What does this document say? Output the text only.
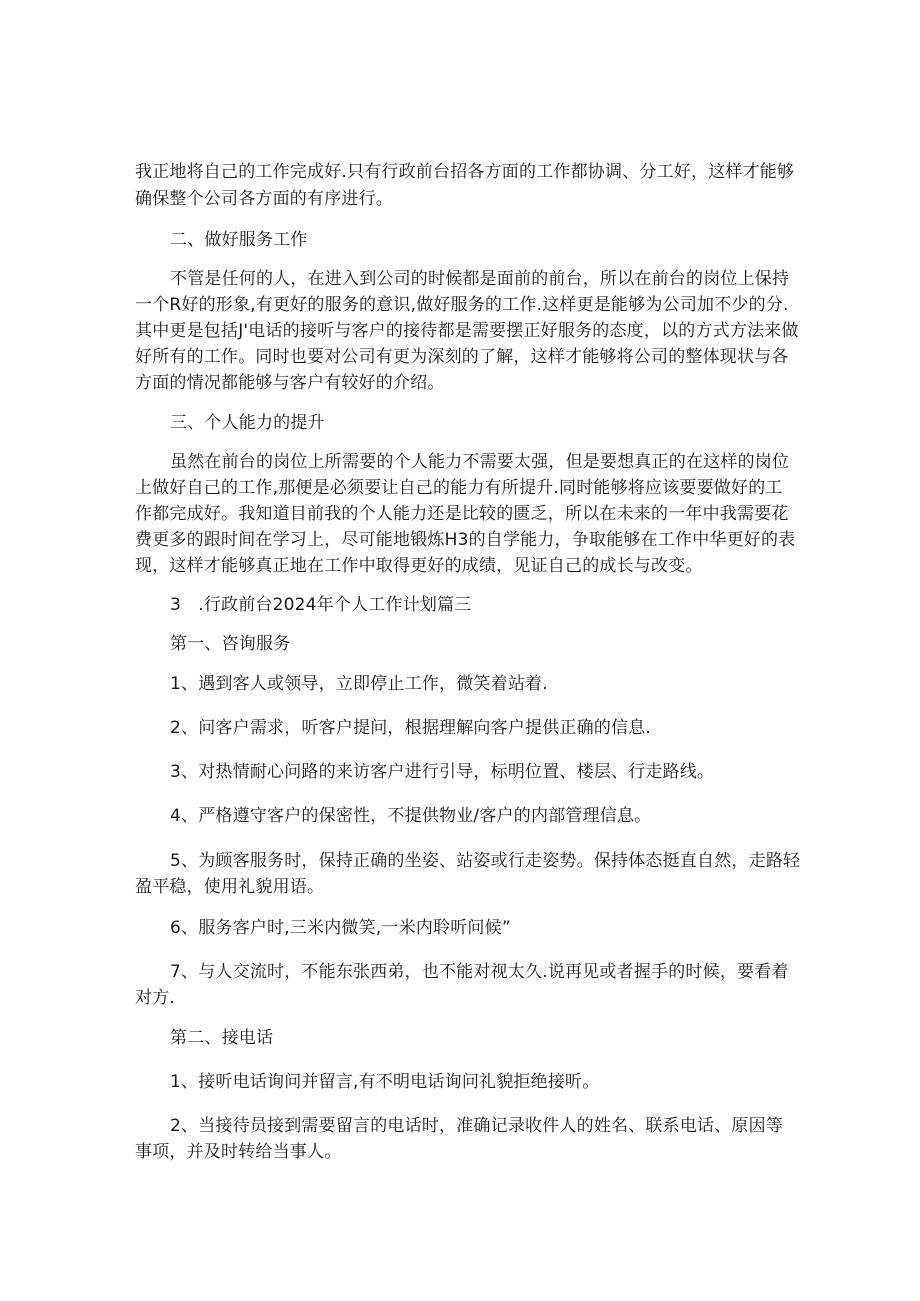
我正地将自己的工作完成好.只有行政前台招各方面的工作都协调、分工好，这样才能够
确保整个公司各方面的有序进行。
二、做好服务工作
不管是任何的人，在进入到公司的时候都是面前的前台，所以在前台的岗位上保持
一个R好的形象,有更好的服务的意识,做好服务的工作.这样更是能够为公司加不少的分.
其中更是包括J'电话的接听与客户的接待都是需要摆正好服务的态度，以的方式方法来做
好所有的工作。同时也要对公司有更为深刻的了解，这样才能够将公司的整体现状与各
方面的情况都能够与客户有较好的介绍。
三、个人能力的提升
虽然在前台的岗位上所需要的个人能力不需要太强，但是要想真正的在这样的岗位
上做好自己的工作,那便是必须要让自己的能力有所提升.同时能够将应该要要做好的工
作都完成好。我知道目前我的个人能力还是比较的匮乏，所以在未来的一年中我需要花
费更多的跟时间在学习上，尽可能地锻炼H3的自学能力，争取能够在工作中华更好的表
现，这样才能够真正地在工作中取得更好的成绩，见证自己的成长与改变。
3　.行政前台2024年个人工作计划篇三
第一、咨询服务
1、遇到客人或领导，立即停止工作，微笑着站着.
2、问客户需求，听客户提问，根据理解向客户提供正确的信息.
3、对热情耐心问路的来访客户进行引导，标明位置、楼层、行走路线。
4、严格遵守客户的保密性，不提供物业/客户的内部管理信息。
5、为顾客服务时，保持正确的坐姿、站姿或行走姿势。保持体态挺直自然，走路轻
盈平稳，使用礼貌用语。
6、服务客户时,三米内微笑,一米内聆听问候”
7、与人交流时，不能东张西弟，也不能对视太久.说再见或者握手的时候，要看着
对方.
第二、接电话
1、接听电话询问并留言,有不明电话询问礼貌拒绝接听。
2、当接待员接到需要留言的电话时，准确记录收件人的姓名、联系电话、原因等
事项，并及时转给当事人。
